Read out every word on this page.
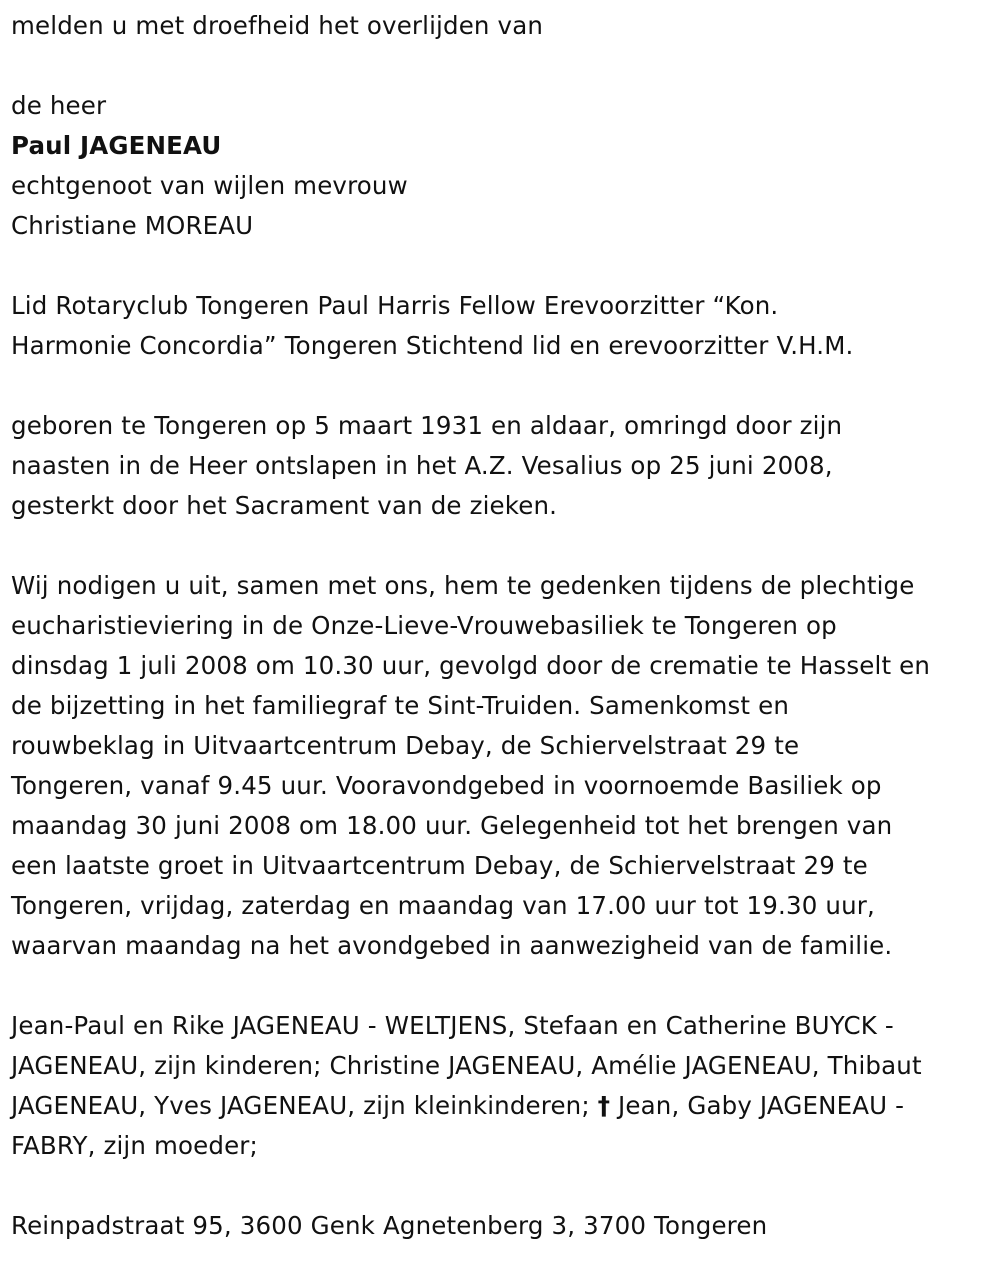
melden u met droefheid het overlijden van
de heer
Paul JAGENEAU
echtgenoot van wijlen mevrouw
Christiane MOREAU
Lid Rotaryclub Tongeren Paul Harris Fellow Erevoorzitter “Kon.
Harmonie Concordia” Tongeren Stichtend lid en erevoorzitter V.H.M.
geboren te Tongeren op 5 maart 1931 en aldaar, omringd door zijn
naasten in de Heer ontslapen in het A.Z. Vesalius op 25 juni 2008,
gesterkt door het Sacrament van de zieken.
Wij nodigen u uit, samen met ons, hem te gedenken tijdens de plechtige
eucharistieviering in de Onze-Lieve-Vrouwebasiliek te Tongeren op
dinsdag 1 juli 2008 om 10.30 uur, gevolgd door de crematie te Hasselt en
de bijzetting in het familiegraf te Sint-Truiden. Samenkomst en
rouwbeklag in Uitvaartcentrum Debay, de Schiervelstraat 29 te
Tongeren, vanaf 9.45 uur. Vooravondgebed in voornoemde Basiliek op
maandag 30 juni 2008 om 18.00 uur. Gelegenheid tot het brengen van
een laatste groet in Uitvaartcentrum Debay, de Schiervelstraat 29 te
Tongeren, vrijdag, zaterdag en maandag van 17.00 uur tot 19.30 uur,
waarvan maandag na het avondgebed in aanwezigheid van de familie.
Jean-Paul en Rike JAGENEAU - WELTJENS, Stefaan en Catherine BUYCK -
JAGENEAU, zijn kinderen; Christine JAGENEAU, Amélie JAGENEAU, Thibaut
JAGENEAU, Yves JAGENEAU, zijn kleinkinderen; † Jean, Gaby JAGENEAU -
FABRY, zijn moeder;
Reinpadstraat 95, 3600 Genk Agnetenberg 3, 3700 Tongeren
